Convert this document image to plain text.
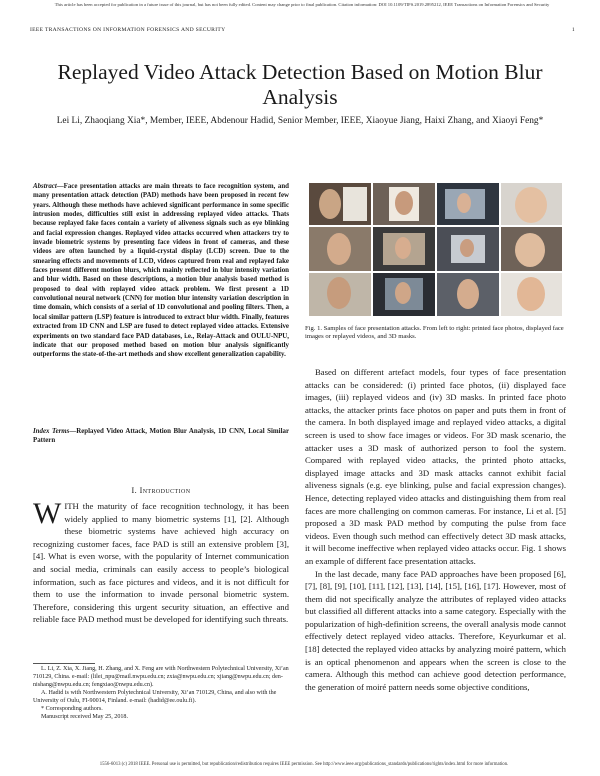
This article has been accepted for publication in a future issue of this journal, but has not been fully edited. Content may change prior to final publication. Citation information: DOI 10.1109/TIFS.2019.2895212, IEEE Transactions on Information Forensics and Security
IEEE TRANSACTIONS ON INFORMATION FORENSICS AND SECURITY	1
Replayed Video Attack Detection Based on Motion Blur Analysis
Lei Li, Zhaoqiang Xia*, Member, IEEE, Abdenour Hadid, Senior Member, IEEE, Xiaoyue Jiang, Haixi Zhang, and Xiaoyi Feng*
Abstract—Face presentation attacks are main threats to face recognition system, and many presentation attack detection (PAD) methods have been proposed in recent few years. Although these methods have achieved significant performance in some specific intrusion modes, difficulties still exist in addressing replayed video attacks. Thats because replayed fake faces contain a variety of aliveness signals such as eye blinking and facial expression changes. Replayed video attacks occurred when attackers try to invade biometric systems by presenting face videos in front of cameras, and these videos are often launched by a liquid-crystal display (LCD) screen. Due to the smearing effects and movements of LCD, videos captured from real and replayed fake faces present different motion blurs, which mainly reflected in blur intensity variation and blur width. Based on these descriptions, a motion blur analysis based method is proposed to deal with replayed video attack problem. We first present a 1D convolutional neural network (CNN) for motion blur intensity variation description in time domain, which consists of a serial of 1D convolutional and pooling filters. Then, a local similar pattern (LSP) feature is introduced to extract blur width. Finally, features extracted from 1D CNN and LSP are fused to detect replayed video attacks. Extensive experiments on two standard face PAD databases, i.e., Relay-Attack and OULU-NPU, indicate that our proposed method based on motion blur analysis significantly outperforms the state-of-the-art methods and show excellent generalization capability.
Index Terms—Replayed Video Attack, Motion Blur Analysis, 1D CNN, Local Similar Pattern
I. Introduction
WITH the maturity of face recognition technology, it has been widely applied to many biometric systems [1], [2]. Although these biometric systems have achieved high accuracy on recognizing customer faces, face PAD is still an extensive problem [3], [4]. What is even worse, with the popularity of Internet communication and social media, criminals can easily access to people’s biological information, such as face pictures and videos, and it is not difficult for them to use the information to invade personal biometric system. Therefore, considering this urgent security situation, an effective and reliable face PAD method must be developed for identifying such threats.
L. Li, Z. Xia, X. Jiang, H. Zhang, and X. Feng are with Northwestern Polytechnical University, Xi’an 710129, China. e-mail: (lilei_npu@mail.nwpu.edu.cn; zxia@nwpu.edu.cn; xjiang@nwpu.edu.cn; den-nishang@nwpu.edu.cn; fengxiao@nwpu.edu.cn).
A. Hadid is with Northwestern Polytechnical University, Xi’an 710129, China, and also with the University of Oulu, FI-90014, Finland. e-mail: (hadid@ee.oulu.fi).
* Corresponding authors.
Manuscript received May 25, 2018.
Fig. 1. Samples of face presentation attacks. From left to right: printed face photos, displayed face images or replayed videos, and 3D masks.
Based on different artefact models, four types of face presentation attacks can be considered: (i) printed face photos, (ii) displayed face images, (iii) replayed videos and (iv) 3D masks. In printed face photo attacks, the attacker prints face photos on paper and puts them in front of the camera. In both displayed image and replayed video attacks, a digital screen is used to show face images or videos. For 3D mask scenario, the attacker uses a 3D mask of authorized person to fool the system. Compared with replayed video attacks, the printed photo attacks, displayed image attacks and 3D mask attacks cannot exhibit facial aliveness signals (e.g. eye blinking, pulse and facial expression changes). Hence, detecting replayed video attacks and distinguishing them from real faces are more challenging on common cameras. For instance, Li et al. [5] proposed a 3D mask PAD method by computing the pulse from face videos. Even though such method can effectively detect 3D mask attacks, it will become ineffective when replayed video attacks occur. Fig. 1 shows an example of different face presentation attacks.
In the last decade, many face PAD approaches have been proposed [6], [7], [8], [9], [10], [11], [12], [13], [14], [15], [16], [17]. However, most of them did not specifically analyze the attributes of replayed video attacks but classified all different attacks into a same category. Especially with the popularization of high-definition screens, the overall analysis mode cannot effectively detect replayed video attacks. Therefore, Keyurkumar et al. [18] detected the replayed video attacks by analyzing moiré pattern, which is an optical phenomenon and appears when the screen is close to the camera. Although this method can achieve good detection performance, the generation of moiré pattern needs some objective conditions,
1556-6013 (c) 2018 IEEE. Personal use is permitted, but republication/redistribution requires IEEE permission. See http://www.ieee.org/publications_standards/publications/rights/index.html for more information.
